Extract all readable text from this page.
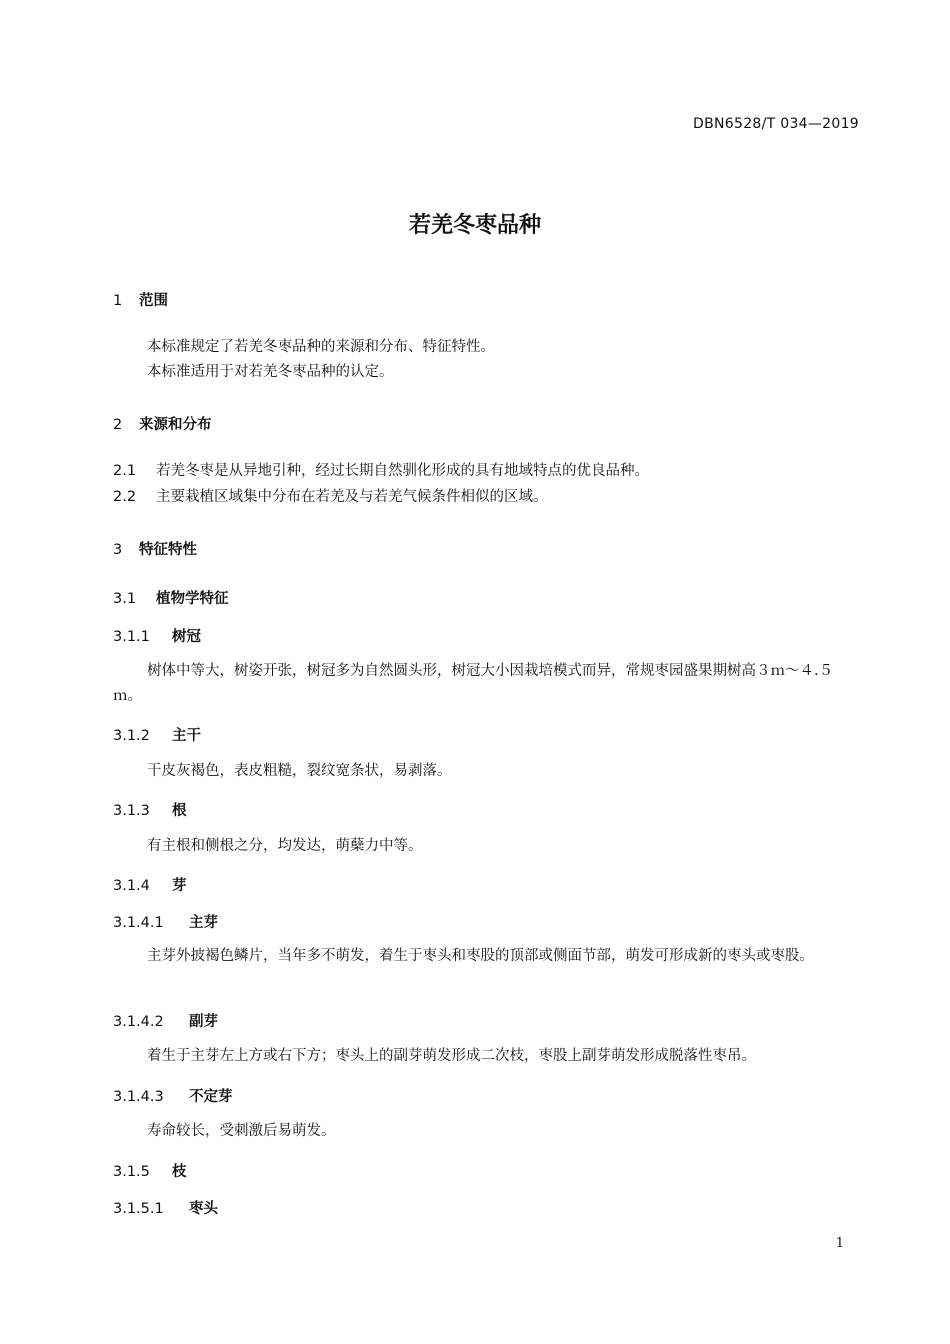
DBN6528/T 034—2019
若羌冬枣品种
1 范围
本标准规定了若羌冬枣品种的来源和分布、特征特性。
本标准适用于对若羌冬枣品种的认定。
2 来源和分布
2.1 若羌冬枣是从异地引种，经过长期自然驯化形成的具有地域特点的优良品种。
2.2 主要栽植区域集中分布在若羌及与若羌气候条件相似的区域。
3 特征特性
3.1 植物学特征
3.1.1 树冠
树体中等大，树姿开张，树冠多为自然圆头形，树冠大小因栽培模式而异，常规枣园盛果期树高３ｍ～４.５ｍ。
3.1.2 主干
干皮灰褐色，表皮粗糙，裂纹宽条状，易剥落。
3.1.3 根
有主根和侧根之分，均发达，萌蘖力中等。
3.1.4 芽
3.1.4.1 主芽
主芽外披褐色鳞片，当年多不萌发，着生于枣头和枣股的顶部或侧面节部，萌发可形成新的枣头或枣股。
3.1.4.2 副芽
着生于主芽左上方或右下方；枣头上的副芽萌发形成二次枝，枣股上副芽萌发形成脱落性枣吊。
3.1.4.3 不定芽
寿命较长，受刺激后易萌发。
3.1.5 枝
3.1.5.1 枣头
1
